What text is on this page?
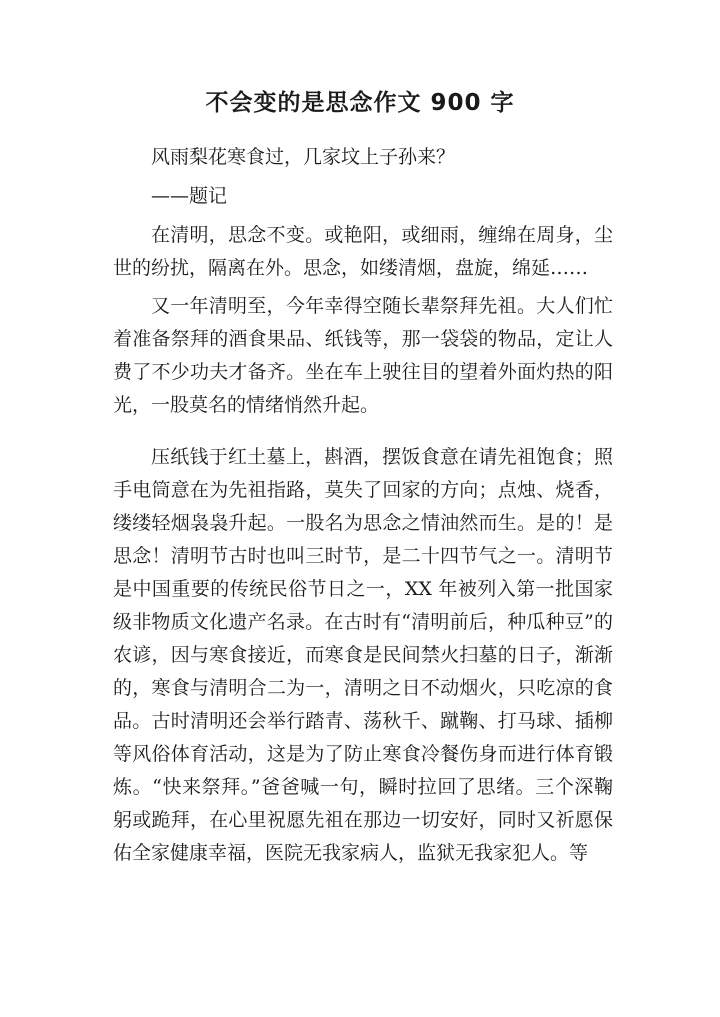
不会变的是思念作文 900 字

风雨梨花寒食过，几家坟上子孙来？

——题记

在清明，思念不变。或艳阳，或细雨，缠绵在周身，尘世的纷扰，隔离在外。思念，如缕清烟，盘旋，绵延……

又一年清明至，今年幸得空随长辈祭拜先祖。大人们忙着准备祭拜的酒食果品、纸钱等，那一袋袋的物品，定让人费了不少功夫才备齐。坐在车上驶往目的望着外面灼热的阳光，一股莫名的情绪悄然升起。

压纸钱于红土墓上，斟酒，摆饭食意在请先祖饱食；照手电筒意在为先祖指路，莫失了回家的方向；点烛、烧香，缕缕轻烟袅袅升起。一股名为思念之情油然而生。是的！是思念！清明节古时也叫三时节，是二十四节气之一。清明节是中国重要的传统民俗节日之一，XX 年被列入第一批国家级非物质文化遗产名录。在古时有“清明前后，种瓜种豆”的农谚，因与寒食接近，而寒食是民间禁火扫墓的日子，渐渐的，寒食与清明合二为一，清明之日不动烟火，只吃凉的食品。古时清明还会举行踏青、荡秋千、蹴鞠、打马球、插柳等风俗体育活动，这是为了防止寒食冷餐伤身而进行体育锻炼。“快来祭拜。”爸爸喊一句，瞬时拉回了思绪。三个深鞠躬或跪拜，在心里祝愿先祖在那边一切安好，同时又祈愿保佑全家健康幸福，医院无我家病人，监狱无我家犯人。等
